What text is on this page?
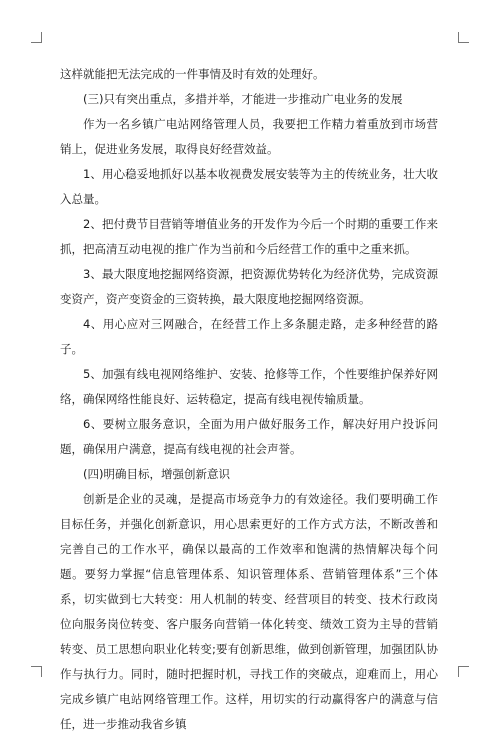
这样就能把无法完成的一件事情及时有效的处理好。

(三)只有突出重点，多措并举，才能进一步推动广电业务的发展

作为一名乡镇广电站网络管理人员，我要把工作精力着重放到市场营销上，促进业务发展，取得良好经营效益。

1、用心稳妥地抓好以基本收视费发展安装等为主的传统业务，壮大收入总量。

2、把付费节目营销等增值业务的开发作为今后一个时期的重要工作来抓，把高清互动电视的推广作为当前和今后经营工作的重中之重来抓。

3、最大限度地挖掘网络资源，把资源优势转化为经济优势，完成资源变资产，资产变资金的三资转换，最大限度地挖掘网络资源。

4、用心应对三网融合，在经营工作上多条腿走路，走多种经营的路子。

5、加强有线电视网络维护、安装、抢修等工作，个性要维护保养好网络，确保网络性能良好、运转稳定，提高有线电视传输质量。

6、要树立服务意识，全面为用户做好服务工作，解决好用户投诉问题，确保用户满意，提高有线电视的社会声誉。

(四)明确目标，增强创新意识

创新是企业的灵魂，是提高市场竞争力的有效途径。我们要明确工作目标任务，并强化创新意识，用心思索更好的工作方式方法，不断改善和完善自己的工作水平，确保以最高的工作效率和饱满的热情解决每个问题。要努力掌握“信息管理体系、知识管理体系、营销管理体系”三个体系，切实做到七大转变：用人机制的转变、经营项目的转变、技术行政岗位向服务岗位转变、客户服务向营销一体化转变、绩效工资为主导的营销转变、员工思想向职业化转变;要有创新思维，做到创新管理，加强团队协作与执行力。同时，随时把握时机，寻找工作的突破点，迎难而上，用心完成乡镇广电站网络管理工作。这样，用切实的行动赢得客户的满意与信任，进一步推动我省乡镇
